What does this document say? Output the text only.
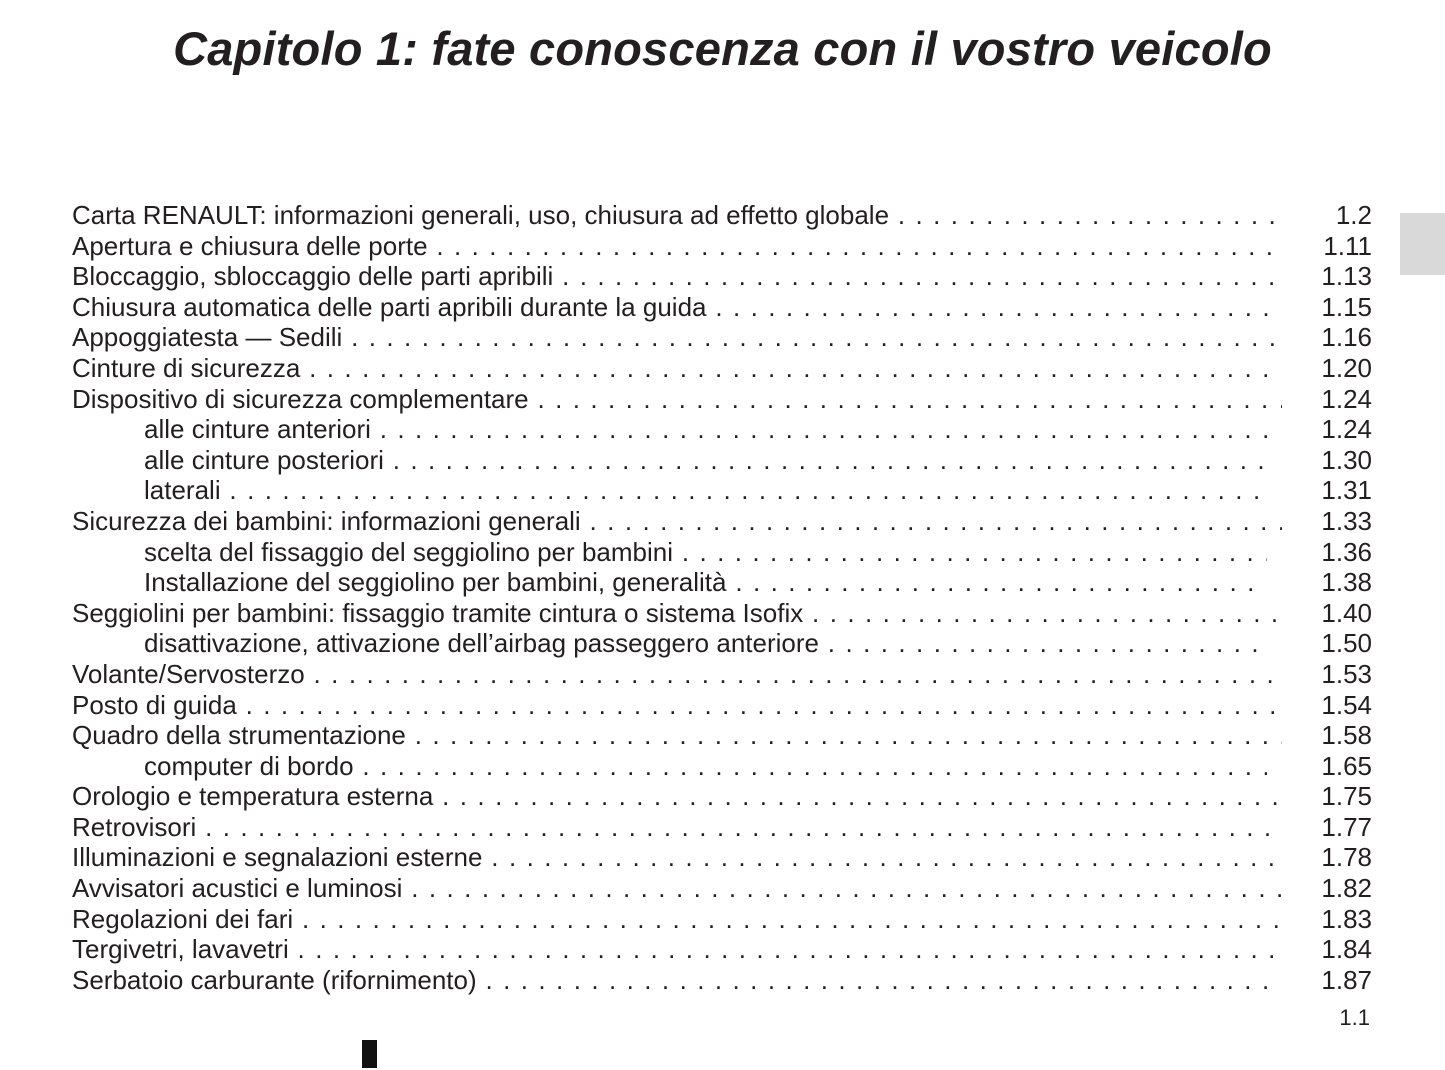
Capitolo 1: fate conoscenza con il vostro veicolo
Carta RENAULT: informazioni generali, uso, chiusura ad effetto globale . . .	1.2
Apertura e chiusura delle porte . . .	1.11
Bloccaggio, sbloccaggio delle parti apribili . . .	1.13
Chiusura automatica delle parti apribili durante la guida . . .	1.15
Appoggiatesta — Sedili . . .	1.16
Cinture di sicurezza . . .	1.20
Dispositivo di sicurezza complementare . . .	1.24
alle cinture anteriori . . .	1.24
alle cinture posteriori . . .	1.30
laterali . . .	1.31
Sicurezza dei bambini: informazioni generali . . .	1.33
scelta del fissaggio del seggiolino per bambini . . .	1.36
Installazione del seggiolino per bambini, generalità . . .	1.38
Seggiolini per bambini: fissaggio tramite cintura o sistema Isofix . . .	1.40
disattivazione, attivazione dell’airbag passeggero anteriore . . .	1.50
Volante/Servosterzo . . .	1.53
Posto di guida . . .	1.54
Quadro della strumentazione . . .	1.58
computer di bordo . . .	1.65
Orologio e temperatura esterna . . .	1.75
Retrovisori . . .	1.77
Illuminazioni e segnalazioni esterne . . .	1.78
Avvisatori acustici e luminosi . . .	1.82
Regolazioni dei fari . . .	1.83
Tergivetri, lavavetri . . .	1.84
Serbatoio carburante (rifornimento) . . .	1.87
1.1
